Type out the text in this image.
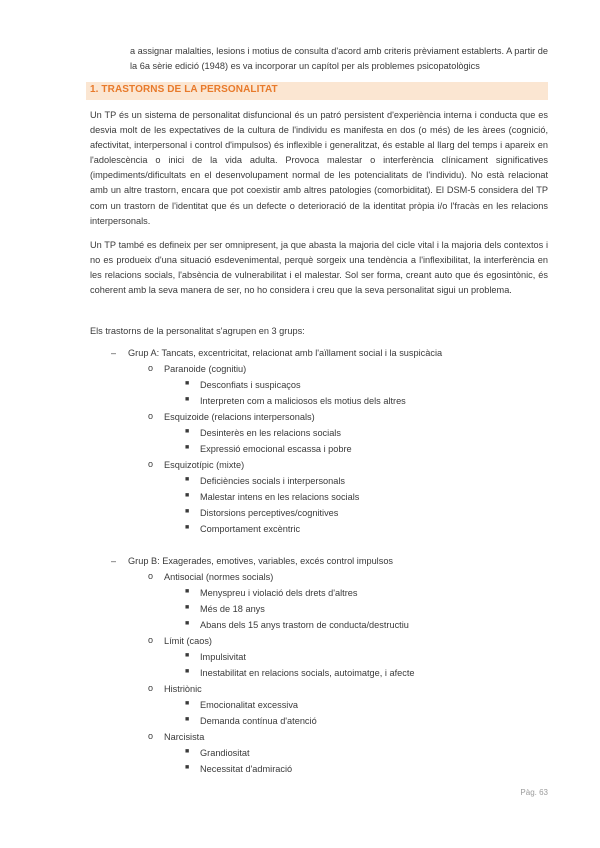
a assignar malalties, lesions i motius de consulta d'acord amb criteris prèviament establerts. A partir de la 6a sèrie edició (1948) es va incorporar un capítol per als problemes psicopatològics

1. TRASTORNS DE LA PERSONALITAT

Un TP és un sistema de personalitat disfuncional és un patró persistent d'experiència interna i conducta que es desvia molt de les expectatives de la cultura de l'individu es manifesta en dos (o més) de les àrees (cognició, afectivitat, interpersonal i control d'impulsos) és inflexible i generalitzat, és estable al llarg del temps i apareix en l'adolescència o inici de la vida adulta. Provoca malestar o interferència clínicament significatives (impediments/dificultats en el desenvolupament normal de les potencialitats de l'individu). No està relacionat amb un altre trastorn, encara que pot coexistir amb altres patologies (comorbiditat). El DSM-5 considera del TP com un trastorn de l'identitat que és un defecte o deterioració de la identitat pròpia i/o l'fracàs en les relacions interpersonals.

Un TP també es defineix per ser omnipresent, ja que abasta la majoria del cicle vital i la majoria dels contextos i no es produeix d'una situació esdevenimental, perquè sorgeix una tendència a l'inflexibilitat, la interferència en les relacions socials, l'absència de vulnerabilitat i el malestar. Sol ser forma, creant auto que és egosintònic, és coherent amb la seva manera de ser, no ho considera i creu que la seva personalitat sigui un problema.

Els trastorns de la personalitat s'agrupen en 3 grups:

– Grup A: Tancats, excentricitat, relacionat amb l'aïllament social i la suspicàcia
o Paranoide (cognitiu)
■ Desconfiats i suspicaços
■ Interpreten com a maliciosos els motius dels altres
o Esquizoide (relacions interpersonals)
■ Desinterès en les relacions socials
■ Expressió emocional escassa i pobre
o Esquizotípic (mixte)
■ Deficiències socials i interpersonals
■ Malestar intens en les relacions socials
■ Distorsions perceptives/cognitives
■ Comportament excèntric
– Grup B: Exagerades, emotives, variables, excés control impulsos
o Antisocial (normes socials)
■ Menyspreu i violació dels drets d'altres
■ Més de 18 anys
■ Abans dels 15 anys trastorn de conducta/destructiu
o Límit (caos)
■ Impulsivitat
■ Inestabilitat en relacions socials, autoimatge, i afecte
o Histriònic
■ Emocionalitat excessiva
■ Demanda contínua d'atenció
o Narcisista
■ Grandiositat
■ Necessitat d'admiració
Pàg. 63
